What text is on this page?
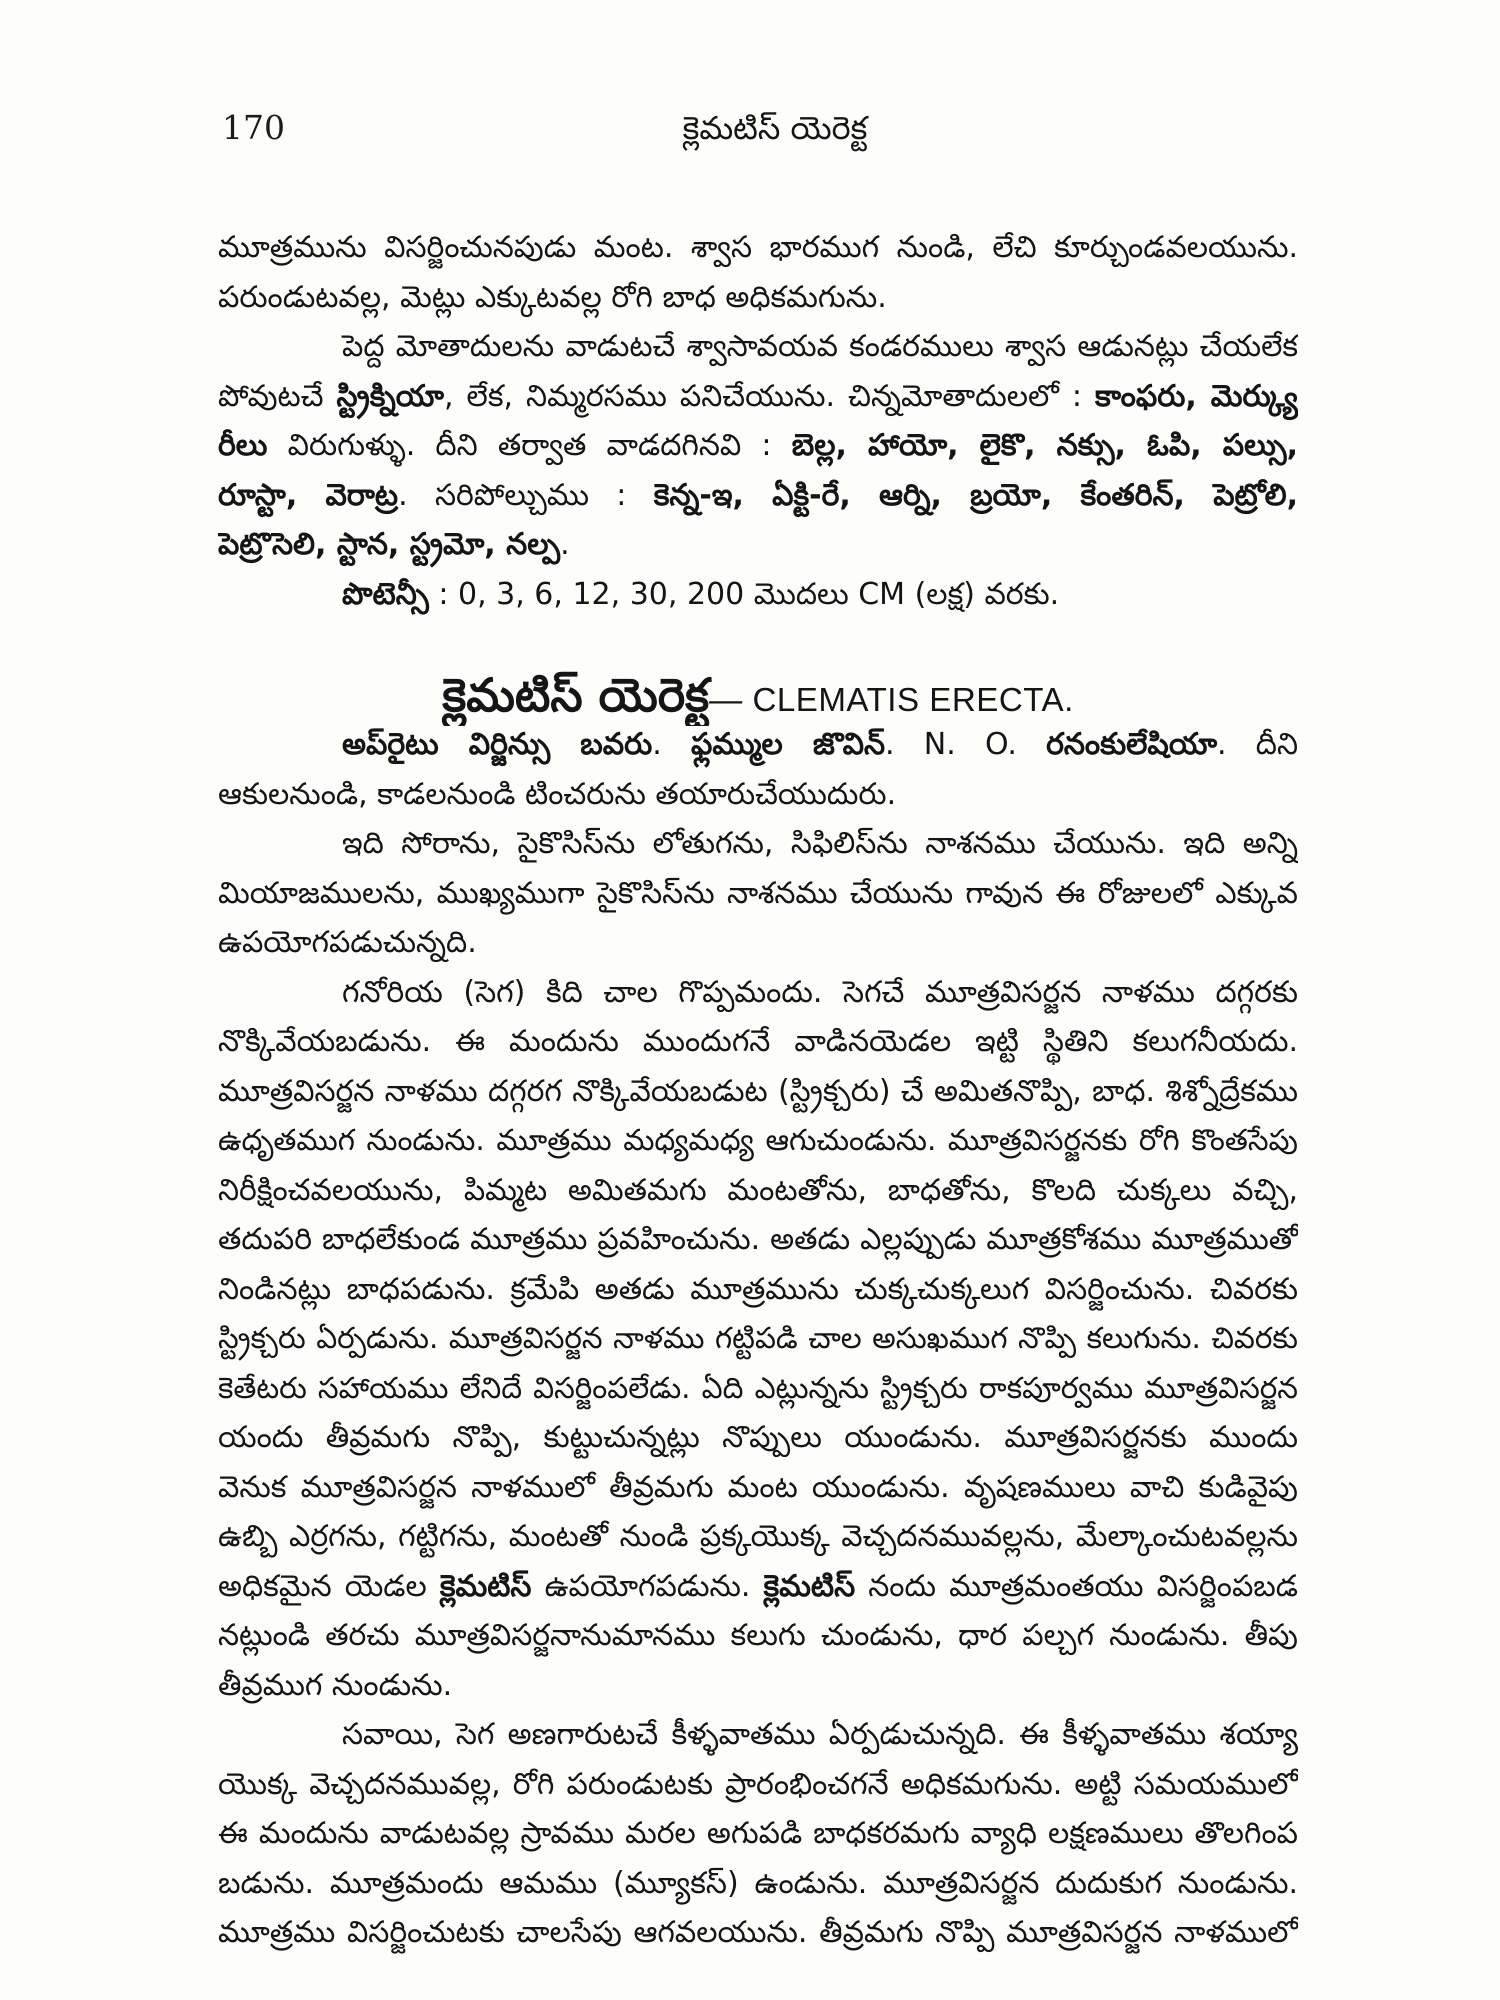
170	క్లెమటిస్ యెరెక్ట
మూత్రమును విసర్జించునపుడు మంట. శ్వాస భారముగ నుండి, లేచి కూర్చుండవలయును.
పరుండుటవల్ల, మెట్లు ఎక్కుటవల్ల రోగి బాధ అధికమగును.
పెద్ద మోతాదులను వాడుటచే శ్వాసావయవ కండరములు శ్వాస ఆడునట్లు చేయలేక
పోవుటచే స్ట్రిక్నియా, లేక, నిమ్మరసము పనిచేయును. చిన్నమోతాదులలో : కాంఫరు, మెర్క్యు
రీలు విరుగుళ్ళు. దీని తర్వాత వాడదగినవి : బెల్ల, హాయో, లైకొ, నక్సు, ఓపి, పల్సు,
రూస్టా, వెరాట్ర. సరిపోల్చుము : కెన్న-ఇ, ఏక్టి-రే, ఆర్ని, బ్రయో, కేంతరిన్, పెట్రోలి,
పెట్రొసెలి, స్టాన, స్ట్రమో, నల్ప.
పొటెన్సీ : 0, 3, 6, 12, 30, 200 మొదలు CM (లక్ష) వరకు.
క్లెమటిస్ యెరెక్ట— CLEMATIS ERECTA.
అప్‌రైటు విర్జిన్సు బవరు. ఫ్లమ్ముల జొవిన్. N. O. రనంకులేషియా. దీని
ఆకులనుండి, కాడలనుండి టించరును తయారుచేయుదురు.
ఇది సోరాను, సైకొసిస్‌ను లోతుగను, సిఫిలిస్‌ను నాశనము చేయును. ఇది అన్ని
మియాజములను, ముఖ్యముగా సైకొసిస్‌ను నాశనము చేయును గావున ఈ రోజులలో ఎక్కువ
ఉపయోగపడుచున్నది.
గనోరియ (సెగ) కిది చాల గొప్పమందు. సెగచే మూత్రవిసర్జన నాళము దగ్గరకు
నొక్కివేయబడును. ఈ మందును ముందుగనే వాడినయెడల ఇట్టి స్థితిని కలుగనీయదు.
మూత్రవిసర్జన నాళము దగ్గరగ నొక్కివేయబడుట (స్ట్రిక్చరు) చే అమితనొప్పి, బాధ. శిశ్నోద్రేకము
ఉధృతముగ నుండును. మూత్రము మధ్యమధ్య ఆగుచుండును. మూత్రవిసర్జనకు రోగి కొంతసేపు
నిరీక్షించవలయును, పిమ్మట అమితమగు మంటతోను, బాధతోను, కొలది చుక్కలు వచ్చి,
తదుపరి బాధలేకుండ మూత్రము ప్రవహించును. అతడు ఎల్లప్పుడు మూత్రకోశము మూత్రముతో
నిండినట్లు బాధపడును. క్రమేపి అతడు మూత్రమును చుక్కచుక్కలుగ విసర్జించును. చివరకు
స్ట్రిక్చరు ఏర్పడును. మూత్రవిసర్జన నాళము గట్టిపడి చాల అసుఖముగ నొప్పి కలుగును. చివరకు
కెతేటరు సహాయము లేనిదే విసర్జింపలేడు. ఏది ఎట్లున్నను స్ట్రిక్చరు రాకపూర్వము మూత్రవిసర్జన
యందు తీవ్రమగు నొప్పి, కుట్టుచున్నట్లు నొప్పులు యుండును. మూత్రవిసర్జనకు ముందు
వెనుక మూత్రవిసర్జన నాళములో తీవ్రమగు మంట యుండును. వృషణములు వాచి కుడివైపు
ఉబ్బి ఎర్రగను, గట్టిగను, మంటతో నుండి ప్రక్కయొక్క వెచ్చదనమువల్లను, మేల్కాంచుటవల్లను
అధికమైన యెడల క్లెమటిస్ ఉపయోగపడును. క్లెమటిస్ నందు మూత్రమంతయు విసర్జింపబడ
నట్లుండి తరచు మూత్రవిసర్జనానుమానము కలుగు చుండును, ధార పల్చగ నుండును. తీపు
తీవ్రముగ నుండును.
సవాయి, సెగ అణగారుటచే కీళ్ళవాతము ఏర్పడుచున్నది. ఈ కీళ్ళవాతము శయ్యా
యొక్క వెచ్చదనమువల్ల, రోగి పరుండుటకు ప్రారంభించగనే అధికమగును. అట్టి సమయములో
ఈ మందును వాడుటవల్ల స్రావము మరల అగుపడి బాధకరమగు వ్యాధి లక్షణములు తొలగింప
బడును. మూత్రమందు ఆమము (మ్యూకస్) ఉండును. మూత్రవిసర్జన దుదుకుగ నుండును.
మూత్రము విసర్జించుటకు చాలసేపు ఆగవలయును. తీవ్రమగు నొప్పి మూత్రవిసర్జన నాళములో
